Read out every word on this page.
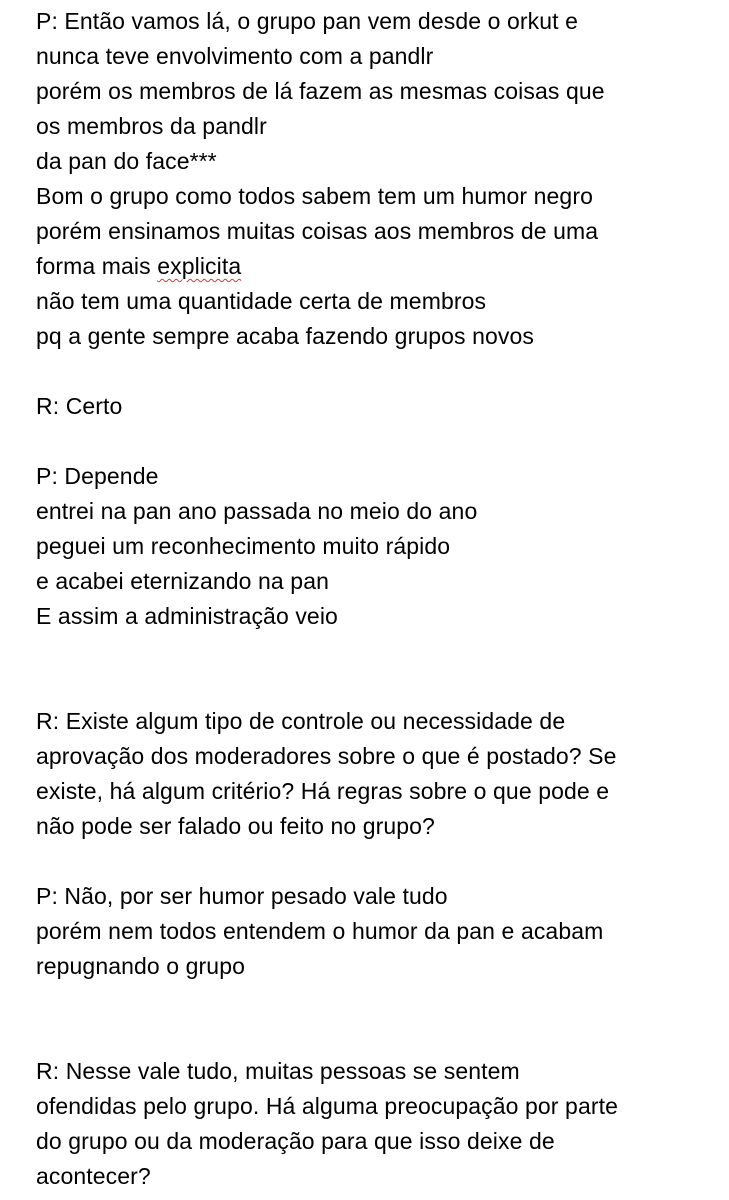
P: Então vamos lá, o grupo pan vem desde o orkut e
nunca teve envolvimento com a pandlr
porém os membros de lá fazem as mesmas coisas que
os membros da pandlr
da pan do face***
Bom o grupo como todos sabem tem um humor negro
porém ensinamos muitas coisas aos membros de uma
forma mais explicita
não tem uma quantidade certa de membros
pq a gente sempre acaba fazendo grupos novos
R: Certo
P: Depende
entrei na pan ano passada no meio do ano
peguei um reconhecimento muito rápido
e acabei eternizando na pan
E assim a administração veio
R: Existe algum tipo de controle ou necessidade de
aprovação dos moderadores sobre o que é postado? Se
existe, há algum critério? Há regras sobre o que pode e
não pode ser falado ou feito no grupo?
P: Não, por ser humor pesado vale tudo
porém nem todos entendem o humor da pan e acabam
repugnando o grupo
R: Nesse vale tudo, muitas pessoas se sentem
ofendidas pelo grupo. Há alguma preocupação por parte
do grupo ou da moderação para que isso deixe de
acontecer?
